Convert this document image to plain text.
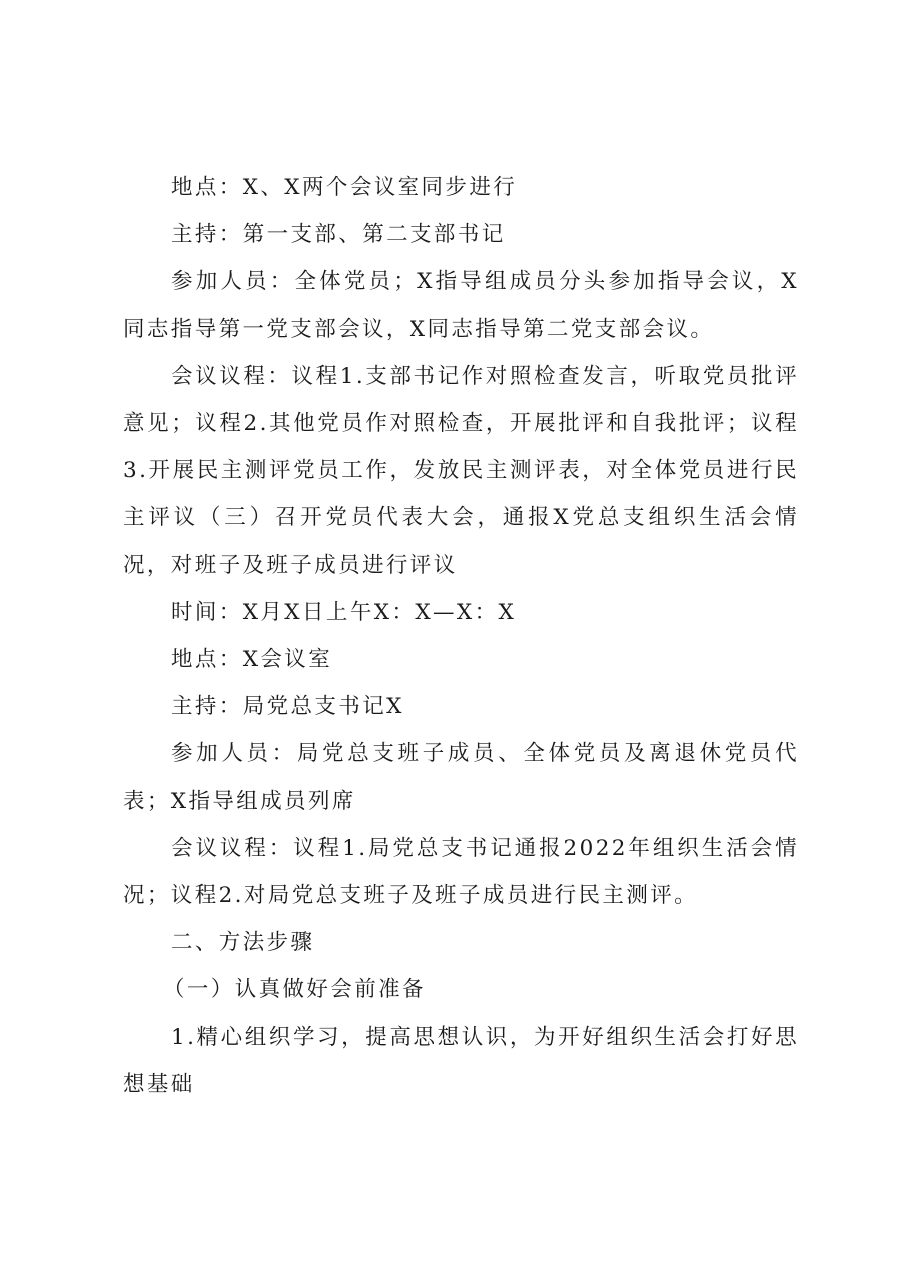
地点：X、X两个会议室同步进行

主持：第一支部、第二支部书记

参加人员：全体党员；X指导组成员分头参加指导会议，X同志指导第一党支部会议，X同志指导第二党支部会议。

会议议程：议程1.支部书记作对照检查发言，听取党员批评意见；议程2.其他党员作对照检查，开展批评和自我批评；议程3.开展民主测评党员工作，发放民主测评表，对全体党员进行民主评议（三）召开党员代表大会，通报X党总支组织生活会情况，对班子及班子成员进行评议

时间：X月X日上午X：X—X：X

地点：X会议室

主持：局党总支书记X

参加人员：局党总支班子成员、全体党员及离退休党员代表；X指导组成员列席

会议议程：议程1.局党总支书记通报2022年组织生活会情况；议程2.对局党总支班子及班子成员进行民主测评。

二、方法步骤

（一）认真做好会前准备

1.精心组织学习，提高思想认识，为开好组织生活会打好思想基础
